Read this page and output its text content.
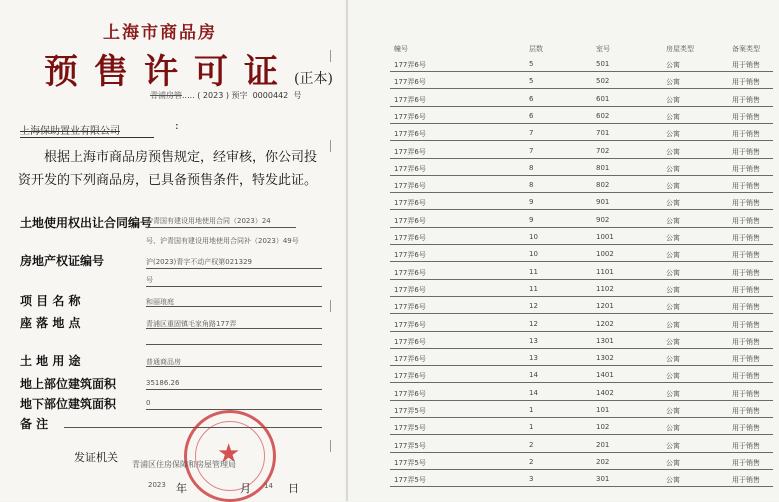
上海市商品房
预售许可证(正本)
青浦房管..... ( 2023 ) 预字 0000442 号
上海保助置业有限公司	:
根据上海市商品房预售规定，经审核，你公司投资开发的下列商品房，已具备预售条件，特发此证。
土地使用权出让合同编号
沪青国有建设用地使用合同（2023）24
号、沪青国有建设用地使用合同补（2023）49号
房地产权证编号	沪(2023)青字不动产权第021329
号
项 目 名 称	和丽琅庭
座 落 地 点	青浦区重固镇毛家角路177弄
土 地 用 途	普通商品房
地上部位建筑面积	35186.26
地下部位建筑面积	0
备 注
★
发证机关
青浦区住房保障和房屋管理局
2023 年	月 14 日
幢号	层数	室号	房屋类型	备案类型
177弄6号	5	501	公寓	用于销售
177弄6号	5	502	公寓	用于销售
177弄6号	6	601	公寓	用于销售
177弄6号	6	602	公寓	用于销售
177弄6号	7	701	公寓	用于销售
177弄6号	7	702	公寓	用于销售
177弄6号	8	801	公寓	用于销售
177弄6号	8	802	公寓	用于销售
177弄6号	9	901	公寓	用于销售
177弄6号	9	902	公寓	用于销售
177弄6号	10	1001	公寓	用于销售
177弄6号	10	1002	公寓	用于销售
177弄6号	11	1101	公寓	用于销售
177弄6号	11	1102	公寓	用于销售
177弄6号	12	1201	公寓	用于销售
177弄6号	12	1202	公寓	用于销售
177弄6号	13	1301	公寓	用于销售
177弄6号	13	1302	公寓	用于销售
177弄6号	14	1401	公寓	用于销售
177弄6号	14	1402	公寓	用于销售
177弄5号	1	101	公寓	用于销售
177弄5号	1	102	公寓	用于销售
177弄5号	2	201	公寓	用于销售
177弄5号	2	202	公寓	用于销售
177弄5号	3	301	公寓	用于销售
